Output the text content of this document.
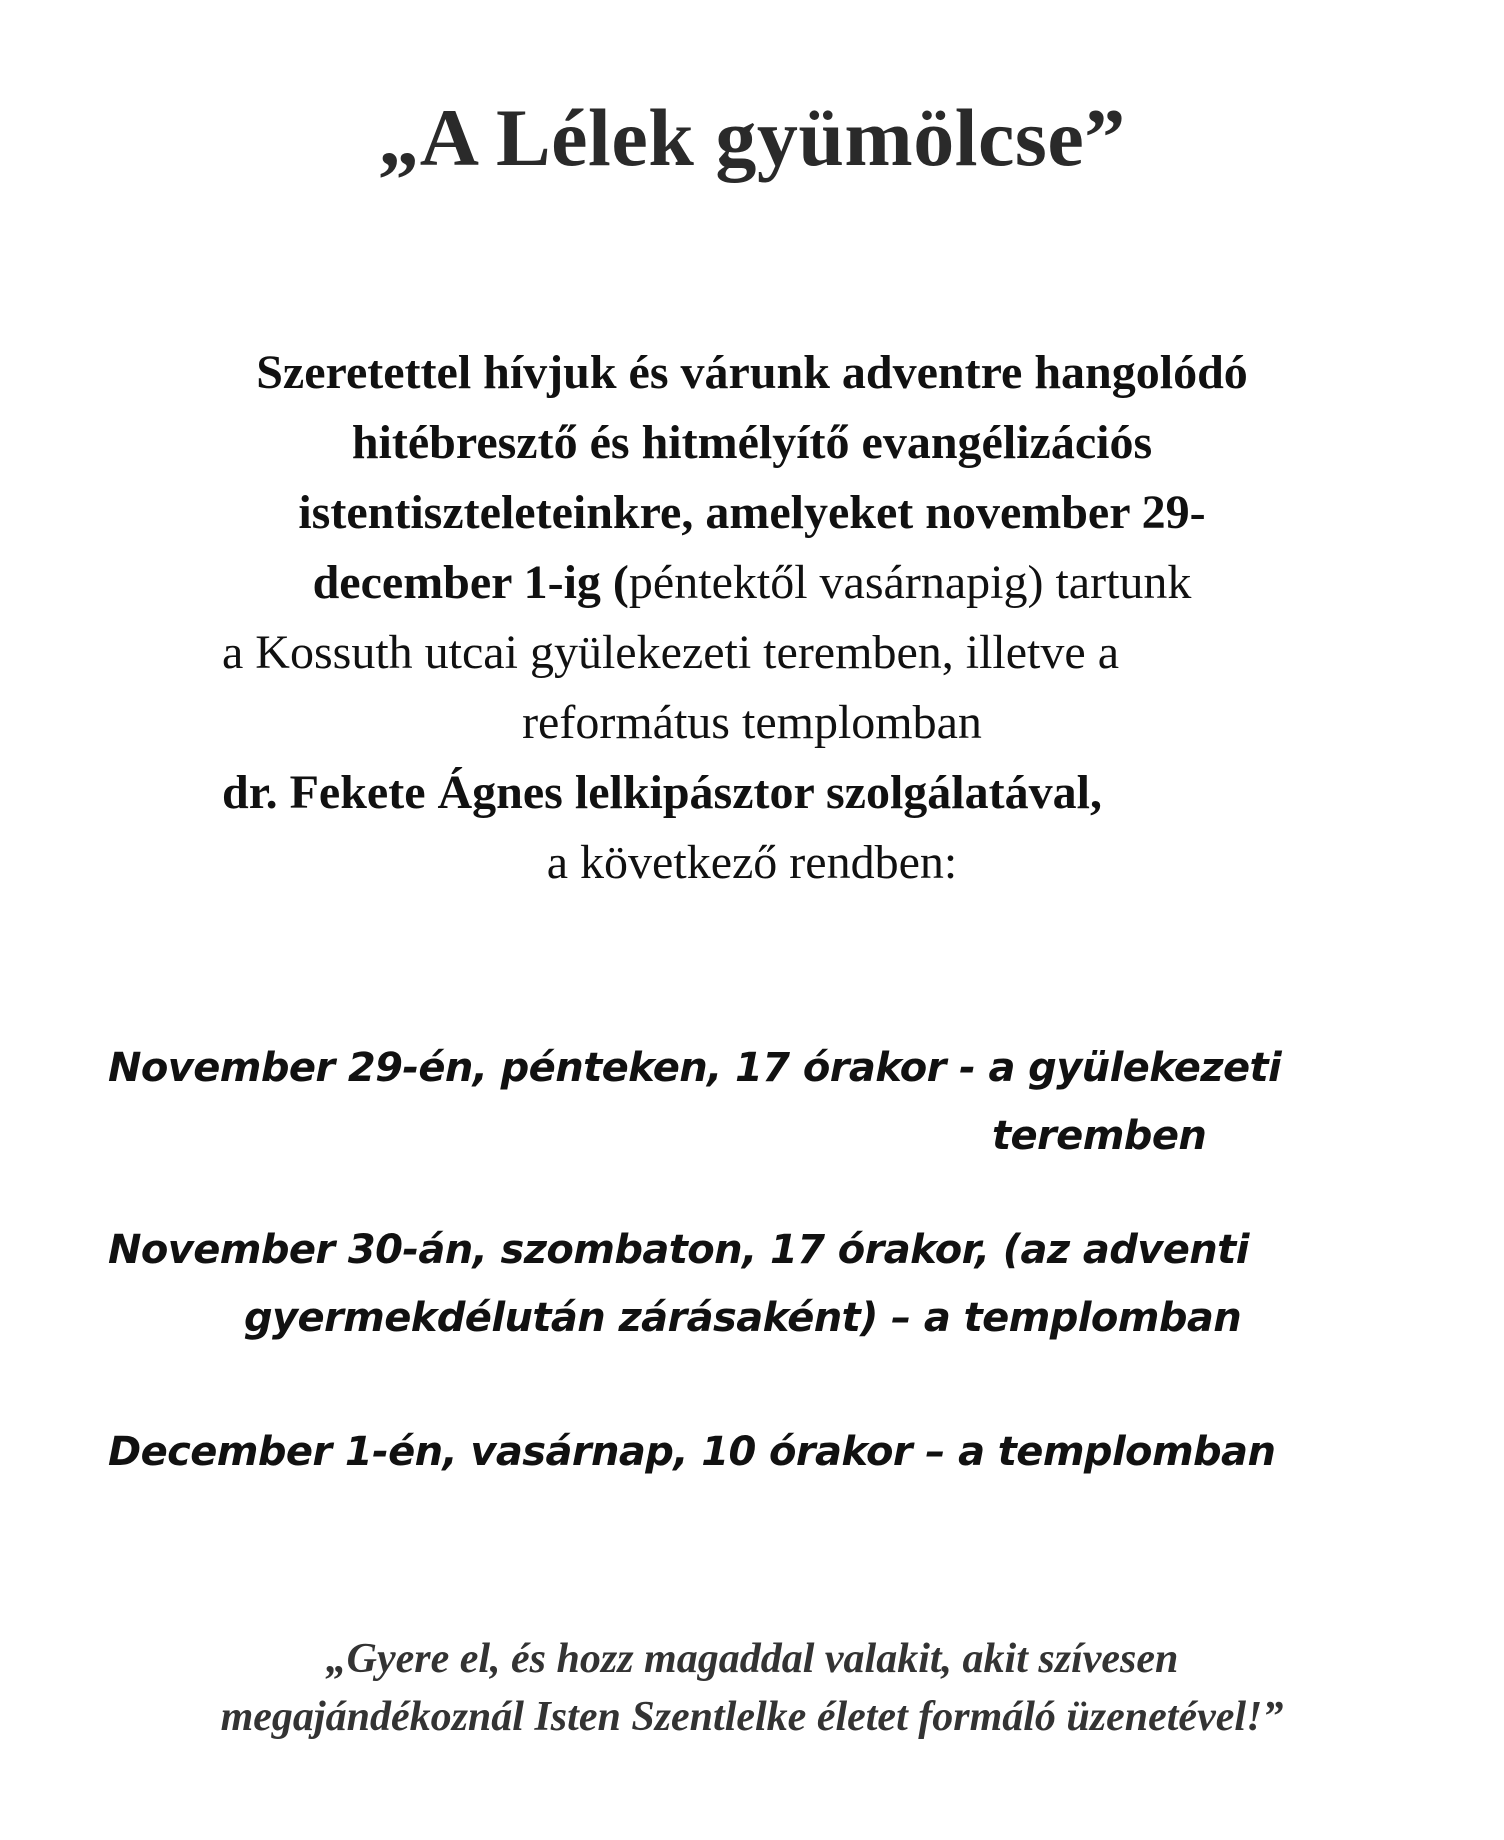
„A Lélek gyümölcse”
Szeretettel hívjuk és várunk adventre hangolódó
hitébresztő és hitmélyítő evangélizációs
istentiszteleteinkre, amelyeket november 29-
december 1-ig (péntektől vasárnapig) tartunk
a Kossuth utcai gyülekezeti teremben, illetve a
református templomban
dr. Fekete Ágnes lelkipásztor szolgálatával,
a következő rendben:
November 29-én, pénteken, 17 órakor - a gyülekezeti
teremben
November 30-án, szombaton, 17 órakor, (az adventi
gyermekdélután zárásaként) – a templomban
December 1-én, vasárnap, 10 órakor – a templomban
„Gyere el, és hozz magaddal valakit, akit szívesen
megajándékoznál Isten Szentlelke életet formáló üzenetével!”
